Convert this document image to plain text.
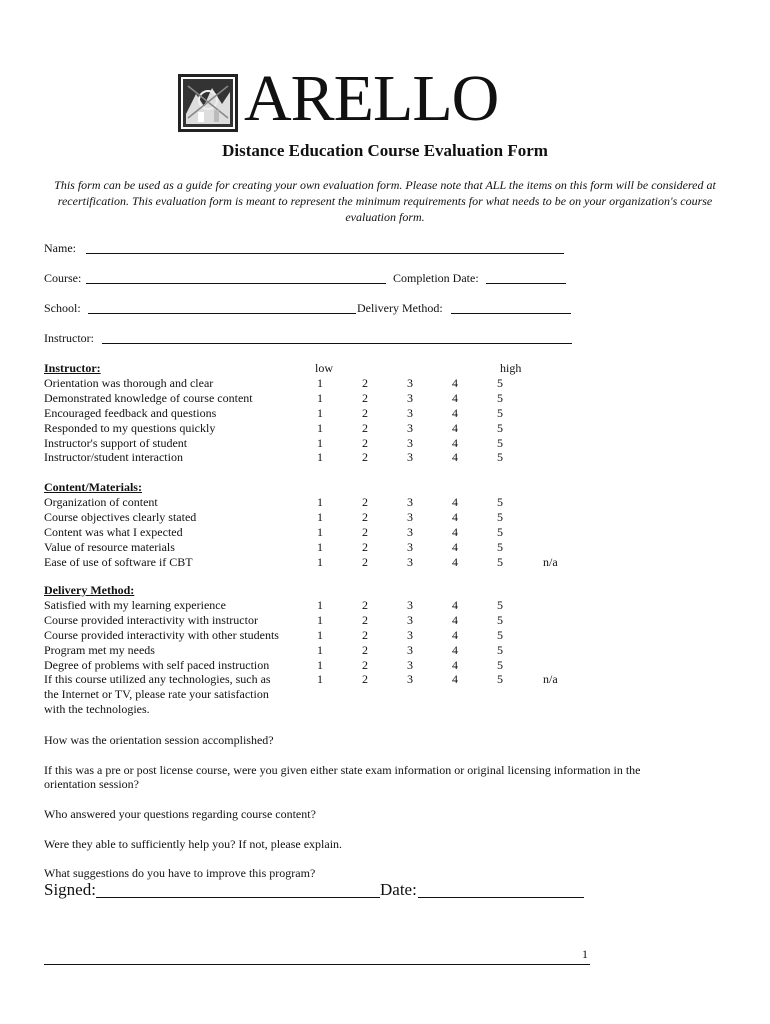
ARELLO
Distance Education Course Evaluation Form
This form can be used as a guide for creating your own evaluation form. Please note that ALL the items on this form will be considered at recertification. This evaluation form is meant to represent the minimum requirements for what needs to be on your organization's course evaluation form.
Name:
Course:	Completion Date:
School:	Delivery Method:
Instructor:
low	high
Instructor:
Orientation was thorough and clear	1	2	3	4	5
Demonstrated knowledge of course content	1	2	3	4	5
Encouraged feedback and questions	1	2	3	4	5
Responded to my questions quickly	1	2	3	4	5
Instructor's support of student	1	2	3	4	5
Instructor/student interaction	1	2	3	4	5
Content/Materials:
Organization of content	1	2	3	4	5
Course objectives clearly stated	1	2	3	4	5
Content was what I expected	1	2	3	4	5
Value of resource materials	1	2	3	4	5
Ease of use of software if CBT	1	2	3	4	5	n/a
Delivery Method:
Satisfied with my learning experience	1	2	3	4	5
Course provided interactivity with instructor	1	2	3	4	5
Course provided interactivity with other students	1	2	3	4	5
Program met my needs	1	2	3	4	5
Degree of problems with self paced instruction	1	2	3	4	5
If this course utilized any technologies, such as	1	2	3	4	5	n/a
the Internet or TV, please rate your satisfaction
with the technologies.
How was the orientation session accomplished?
If this was a pre or post license course, were you given either state exam information or original licensing information in the
orientation session?
Who answered your questions regarding course content?
Were they able to sufficiently help you? If not, please explain.
What suggestions do you have to improve this program?
Signed:	Date:
1
